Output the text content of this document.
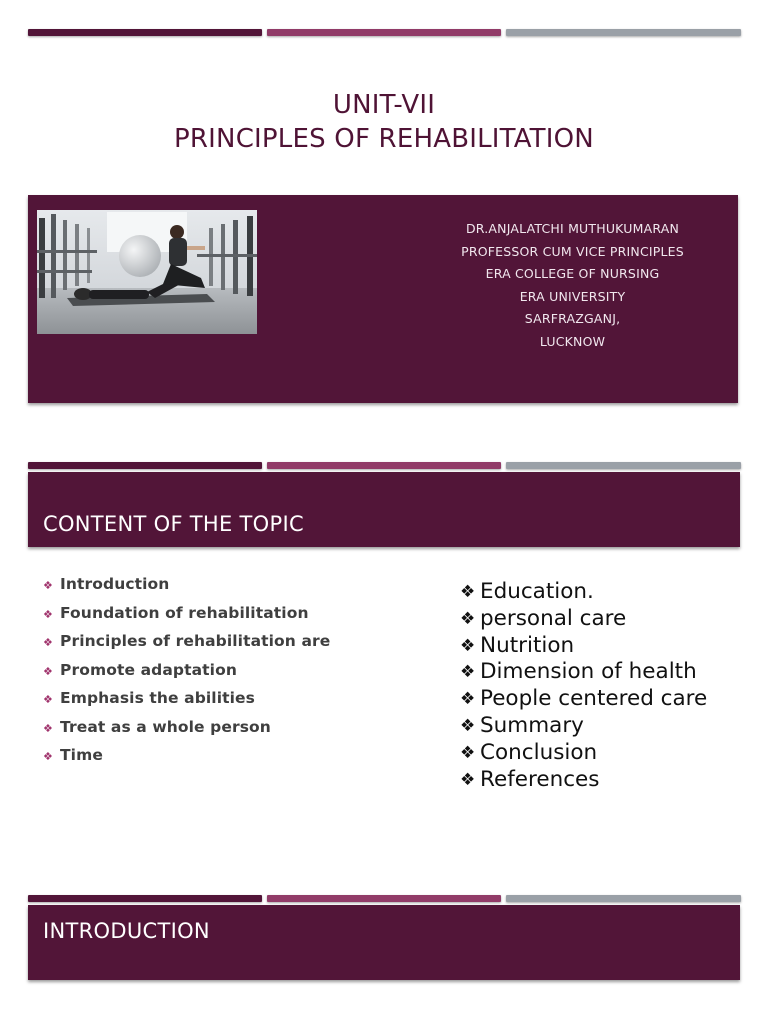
UNIT-VII
PRINCIPLES OF REHABILITATION
DR.ANJALATCHI MUTHUKUMARAN
PROFESSOR CUM VICE PRINCIPLES
ERA COLLEGE OF NURSING
ERA UNIVERSITY
SARFRAZGANJ,
LUCKNOW
CONTENT OF THE TOPIC
❖ Introduction
❖ Foundation of rehabilitation
❖ Principles of rehabilitation are
❖ Promote adaptation
❖ Emphasis the abilities
❖ Treat as a whole person
❖ Time
❖ Education.
❖ personal care
❖ Nutrition
❖ Dimension of health
❖ People centered care
❖ Summary
❖ Conclusion
❖ References
INTRODUCTION
